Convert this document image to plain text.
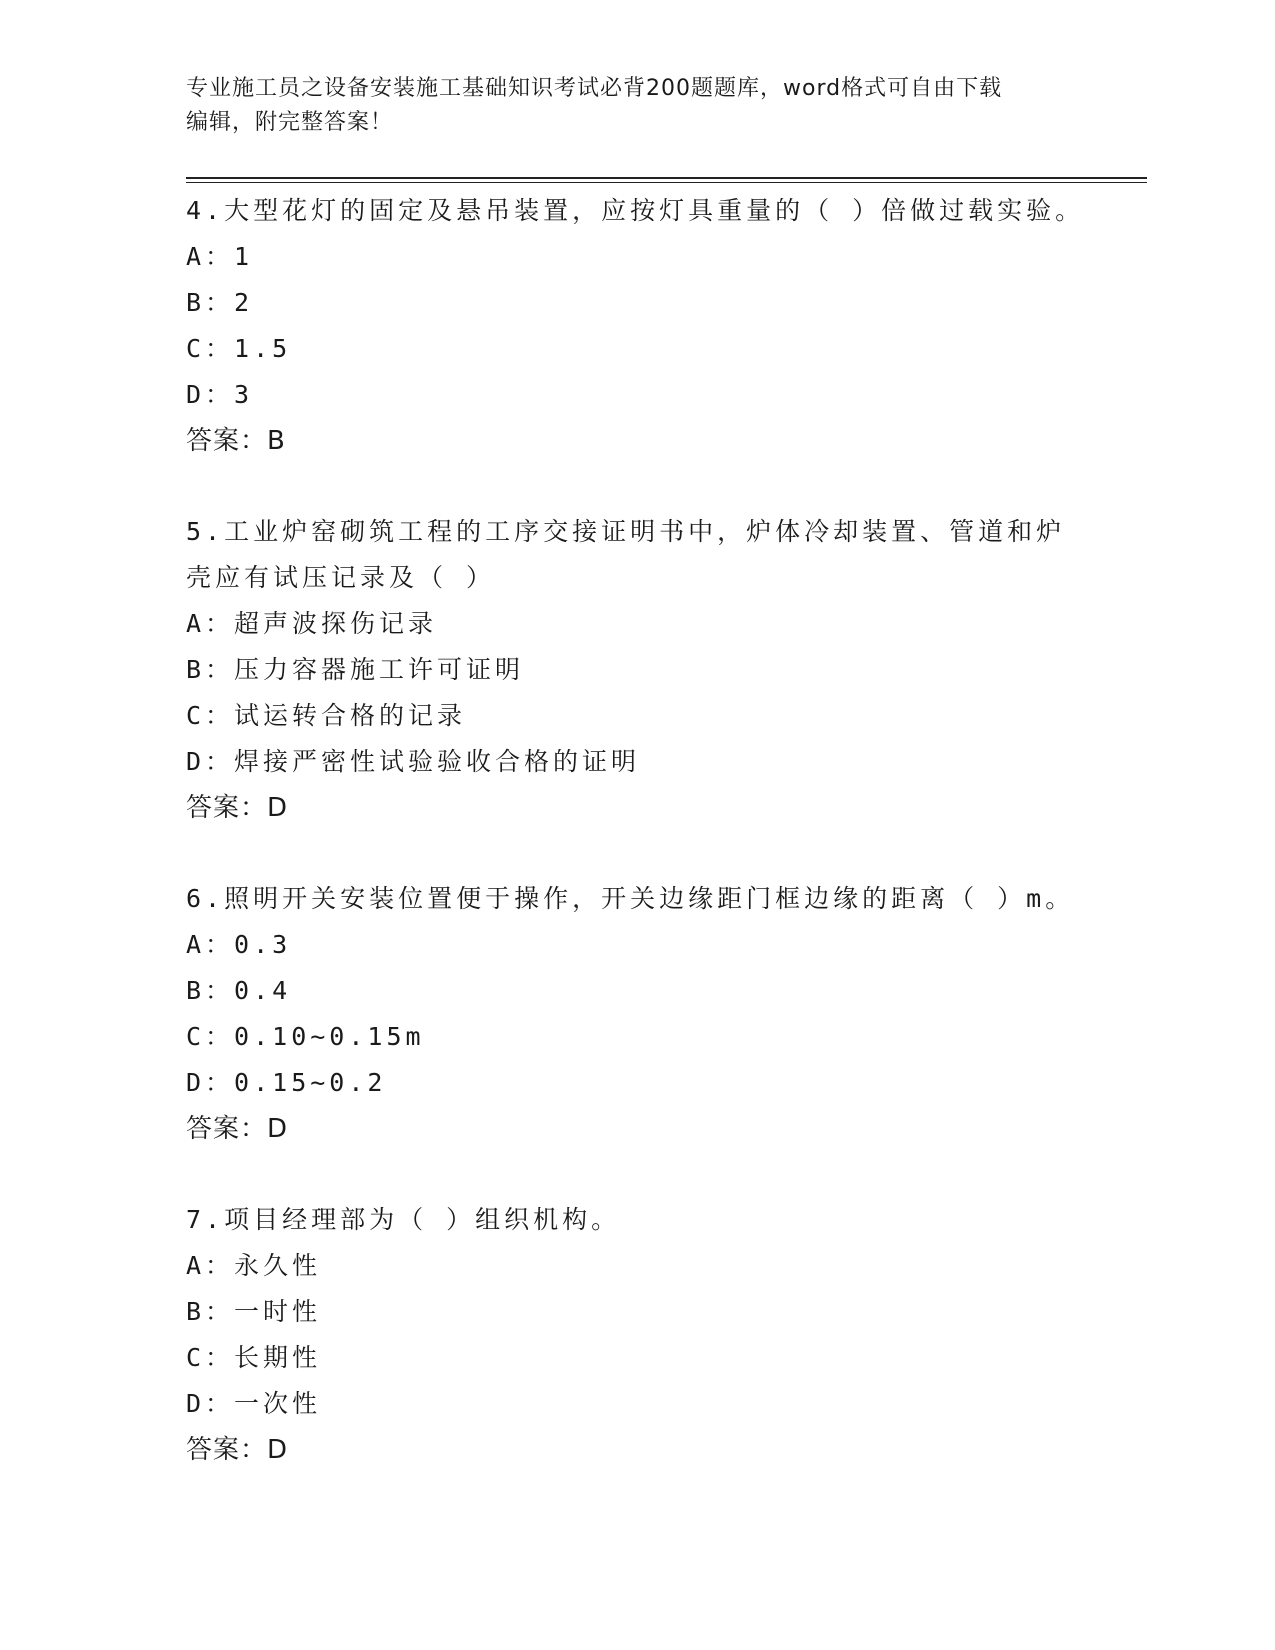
专业施工员之设备安装施工基础知识考试必背200题题库，word格式可自由下载
编辑，附完整答案！
4.大型花灯的固定及悬吊装置，应按灯具重量的（ ）倍做过载实验。
A：1
B：2
C：1.5
D：3
答案：B
5.工业炉窑砌筑工程的工序交接证明书中，炉体冷却装置、管道和炉
壳应有试压记录及（ ）
A：超声波探伤记录
B：压力容器施工许可证明
C：试运转合格的记录
D：焊接严密性试验验收合格的证明
答案：D
6.照明开关安装位置便于操作，开关边缘距门框边缘的距离（ ）m。
A：0.3
B：0.4
C：0.10~0.15m
D：0.15~0.2
答案：D
7.项目经理部为（ ）组织机构。
A：永久性
B：一时性
C：长期性
D：一次性
答案：D
